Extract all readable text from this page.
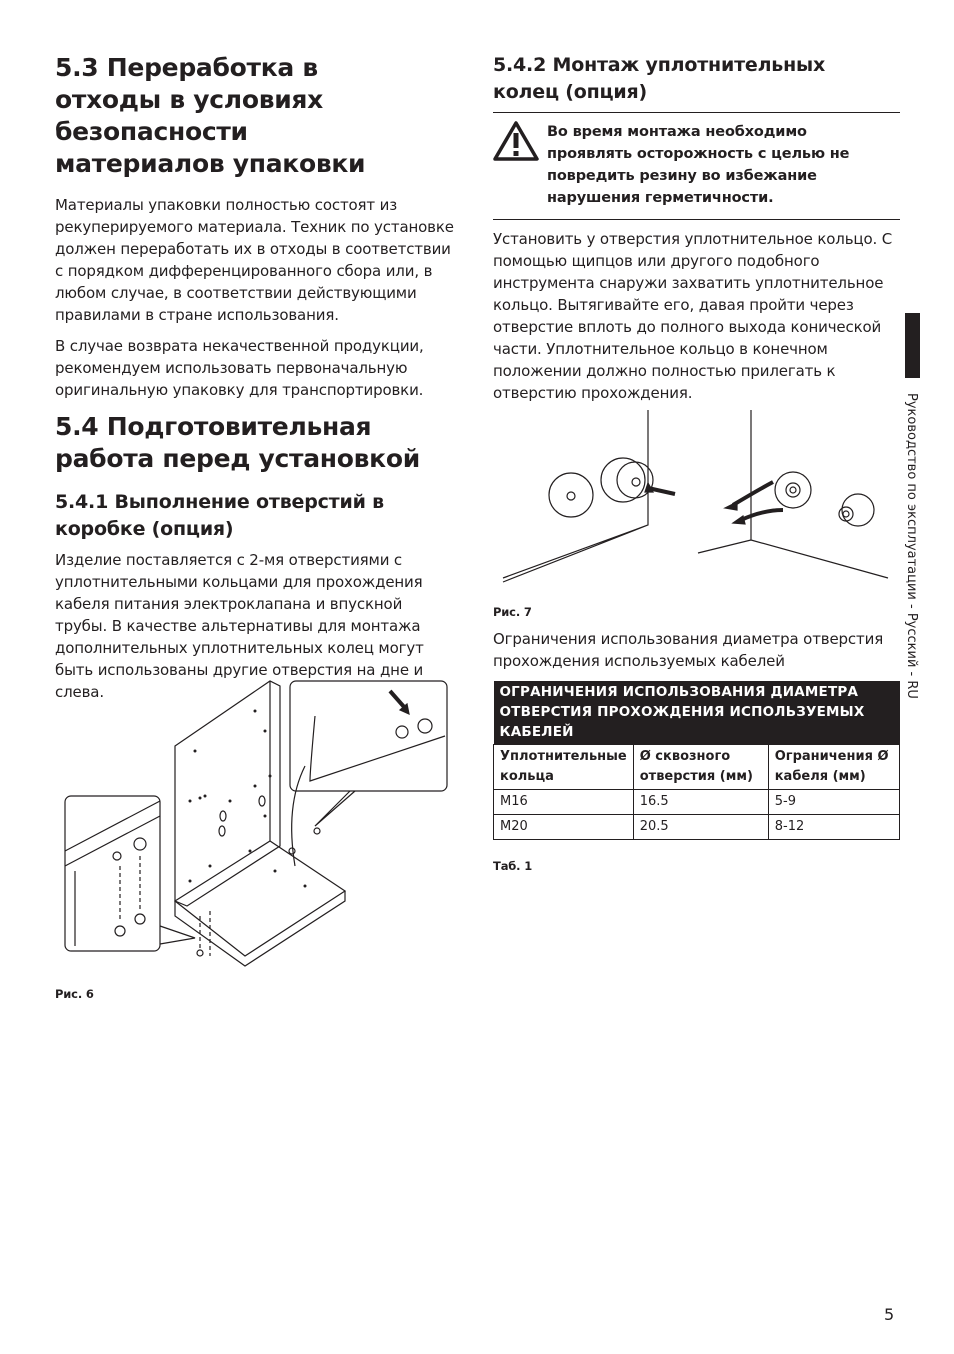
5.3 Переработка в отходы в условиях безопасности материалов упаковки

Материалы упаковки полностью состоят из рекуперируемого материала. Техник по установке должен переработать их в отходы в соответствии с порядком дифференцированного сбора или, в любом случае, в соответствии действующими правилами в стране использования.

В случае возврата некачественной продукции, рекомендуем использовать первоначальную оригинальную упаковку для транспортировки.

5.4 Подготовительная работа перед установкой
5.4.1 Выполнение отверстий в коробке (опция)

Изделие поставляется с 2-мя отверстиями с уплотнительными кольцами для прохождения кабеля питания электроклапана и впускной трубы. В качестве альтернативы для монтажа дополнительных уплотнительных колец могут быть использованы другие отверстия на дне и слева.

Рис. 6

5.4.2 Монтаж уплотнительных колец (опция)
Во время монтажа необходимо проявлять осторожность с целью не повредить резину во избежание нарушения герметичности.

Установить у отверстия уплотнительное кольцо. С помощью щипцов или другого подобного инструмента снаружи захватить уплотнительное кольцо. Вытягивайте его, давая пройти через отверстие вплоть до полного выхода конической части. Уплотнительное кольцо в конечном положении должно полностью прилегать к отверстию прохождения.

Рис. 7

Ограничения использования диаметра отверстия прохождения используемых кабелей

ОГРАНИЧЕНИЯ ИСПОЛЬЗОВАНИЯ ДИАМЕТРА ОТВЕРСТИЯ ПРОХОЖДЕНИЯ ИСПОЛЬЗУЕМЫХ КАБЕЛЕЙ		
Уплотнительные кольца	Ø сквозного отверстия (мм)	Ограничения Ø кабеля (мм)
M16	16.5	5-9
M20	20.5	8-12

Таб. 1

Руководство по эксплуатации - Русский - RU
5
